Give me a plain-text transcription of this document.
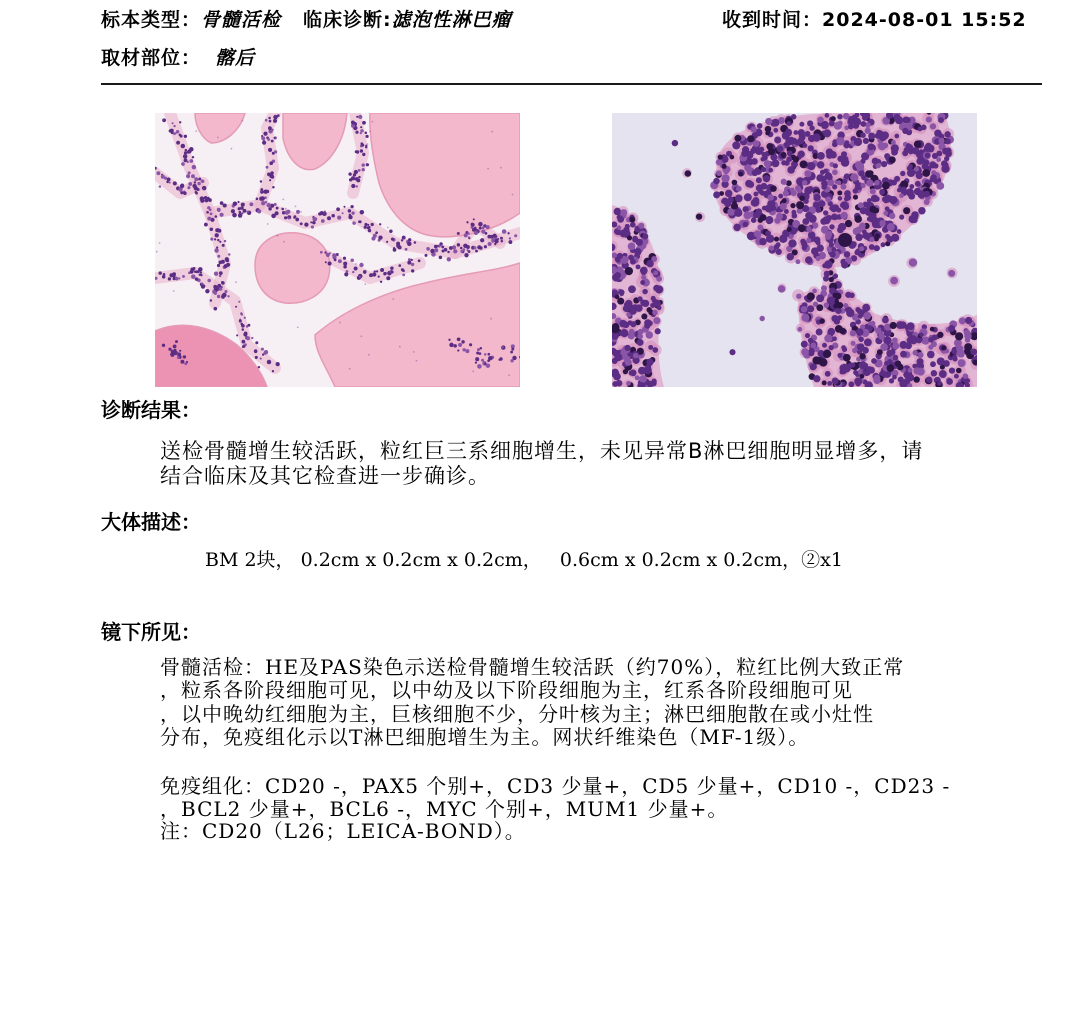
标本类型：骨髓活检 临床诊断:滤泡性淋巴瘤	收到时间：2024-08-01 15:52
取材部位： 髂后
诊断结果：
送检骨髓增生较活跃，粒红巨三系细胞增生，未见异常B淋巴细胞明显增多，请
结合临床及其它检查进一步确诊。
大体描述：
BM 2块， 0.2cm x 0.2cm x 0.2cm，   0.6cm x 0.2cm x 0.2cm，②x1
镜下所见：
骨髓活检：HE及PAS染色示送检骨髓增生较活跃（约70%），粒红比例大致正常
，粒系各阶段细胞可见，以中幼及以下阶段细胞为主，红系各阶段细胞可见
，以中晚幼红细胞为主，巨核细胞不少，分叶核为主；淋巴细胞散在或小灶性
分布，免疫组化示以T淋巴细胞增生为主。网状纤维染色（MF-1级）。
免疫组化：CD20 -，PAX5 个别+，CD3 少量+，CD5 少量+，CD10 -，CD23 -
，BCL2 少量+，BCL6 -，MYC 个别+，MUM1 少量+。
注：CD20（L26；LEICA-BOND）。
